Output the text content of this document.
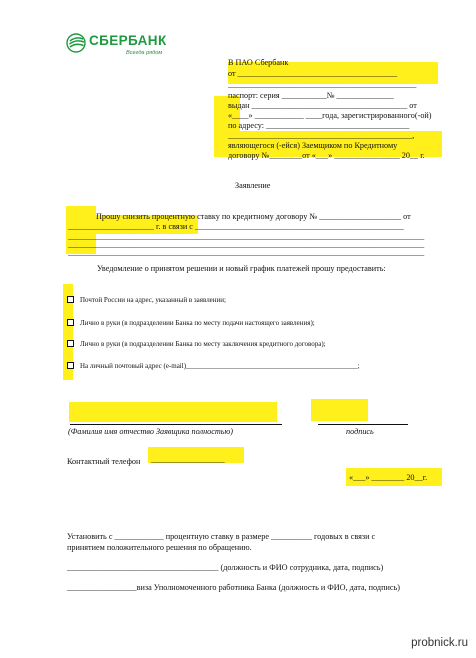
СБЕРБАНК
Всегда рядом
В ПАО Сбербанк
от _______________________________________
______________________________________________
паспорт: серия ___________№ ______________
выдан ______________________________________ от
«____» ____________ ____года, зарегистрированного(-ой)
по адресу: ___________________________________
_____________________________________________,
являющегося (-ейся) Заемщиком по Кредитному
договору №________от «___» ________________ 20__ г.
Заявление
Прошу снизить процентную ставку по кредитному договору № ____________________ от
_____________________ г. в связи с ___________________________________________________
_______________________________________________________________________________________
_______________________________________________________________________________________
_______________________________________________________________________________________
Уведомление о принятом решении и новый график платежей прошу предоставить:
Почтой России на адрес, указанный в заявлении;
Лично в руки (в подразделении Банка по месту подачи настоящего заявления);
Лично в руки (в подразделении Банка по месту заключения кредитного договора);
На личный почтовый адрес (e-mail)_________________________________________________;
(Фамилия имя отчество Заявщика полностью)	подпись
Контактный телефон __________________
«___» ________ 20__г.
Установить с ____________ процентную ставку в размере __________ годовых в связи с
принятием положительного решения по обращению.
_____________________________________ (должность и ФИО сотрудника, дата, подпись)
_________________виза Уполномоченного работника Банка (должность и ФИО, дата, подпись)
probnick.ru
